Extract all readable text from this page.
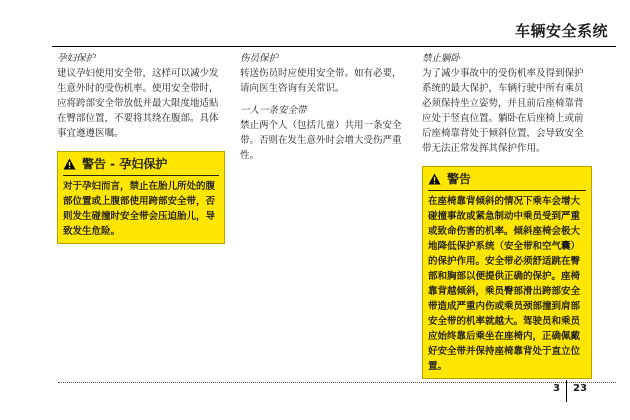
车辆安全系统
孕妇保护

建议孕妇使用安全带，这样可以减少发生意外时的受伤机率。使用安全带时，应将跨部安全带放低并最大限度地适贴在臀部位置，不要将其绕在腹部。具体事宜遵遵医嘱。

警告 - 孕妇保护
对于孕妇而言，禁止在胎儿所处的腹部位置或上腹部使用跨部安全带，否则发生碰撞时安全带会压迫胎儿，导致发生危险。
伤员保护

转送伤员时应使用安全带。如有必要，请向医生咨询有关常识。

一人一条安全带

禁止两个人（包括儿童）共用一条安全带。否则在发生意外时会增大受伤严重性。

禁止躺卧

为了减少事故中的受伤机率及得到保护系统的最大保护，车辆行驶中所有乘员必须保持坐立姿势，并且前后座椅靠背应处于竖直位置。躺卧在后座椅上或前后座椅靠背处于倾斜位置，会导致安全带无法正常发挥其保护作用。

警告
在座椅靠背倾斜的情况下乘车会增大碰撞事故或紧急制动中乘员受到严重或致命伤害的机率。倾斜座椅会极大地降低保护系统（安全带和空气囊）的保护作用。安全带必须舒适跳在臀部和胸部以便提供正确的保护。座椅靠背越倾斜，乘员臀部滑出跨部安全带造成严重内伤或乘员颈部撞到肩部安全带的机率就越大。驾驶员和乘员应始终靠后乘坐在座椅内，正确佩戴好安全带并保持座椅靠背处于直立位置。
3 23
